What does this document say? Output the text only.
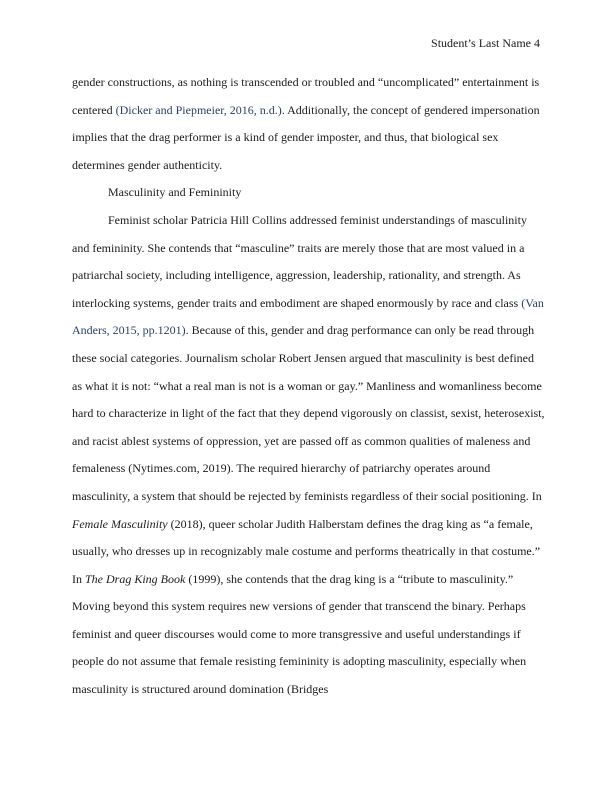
Student’s Last Name 4

gender constructions, as nothing is transcended or troubled and “uncomplicated” entertainment is centered (Dicker and Piepmeier, 2016, n.d.). Additionally, the concept of gendered impersonation implies that the drag performer is a kind of gender imposter, and thus, that biological sex determines gender authenticity.

Masculinity and Femininity

Feminist scholar Patricia Hill Collins addressed feminist understandings of masculinity and femininity. She contends that “masculine” traits are merely those that are most valued in a patriarchal society, including intelligence, aggression, leadership, rationality, and strength. As interlocking systems, gender traits and embodiment are shaped enormously by race and class (Van Anders, 2015, pp.1201). Because of this, gender and drag performance can only be read through these social categories. Journalism scholar Robert Jensen argued that masculinity is best defined as what it is not: “what a real man is not is a woman or gay.” Manliness and womanliness become hard to characterize in light of the fact that they depend vigorously on classist, sexist, heterosexist, and racist ablest systems of oppression, yet are passed off as common qualities of maleness and femaleness (Nytimes.com, 2019). The required hierarchy of patriarchy operates around masculinity, a system that should be rejected by feminists regardless of their social positioning. In Female Masculinity (2018), queer scholar Judith Halberstam defines the drag king as “a female, usually, who dresses up in recognizably male costume and performs theatrically in that costume.” In The Drag King Book (1999), she contends that the drag king is a “tribute to masculinity.” Moving beyond this system requires new versions of gender that transcend the binary. Perhaps feminist and queer discourses would come to more transgressive and useful understandings if people do not assume that female resisting femininity is adopting masculinity, especially when masculinity is structured around domination (Bridges
